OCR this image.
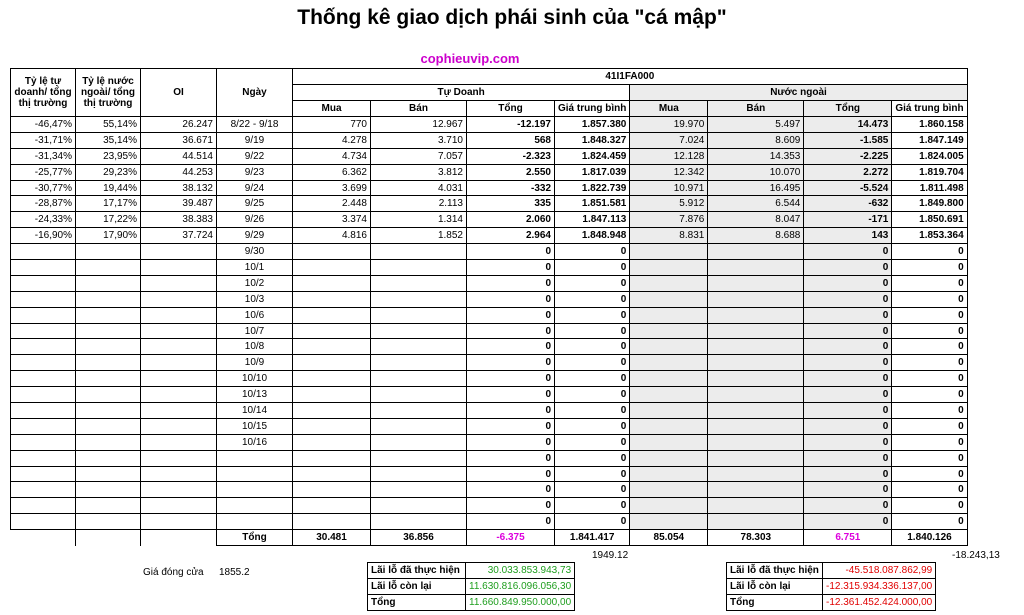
Thống kê giao dịch phái sinh của "cá mập"
cophieuvip.com
Tỷ lệ tự doanh/ tổng thị trường	Tỷ lệ nước ngoài/ tổng thị trường	OI	Ngày	41I1FA000							
				Tự Doanh				Nước ngoài			
				Mua	Bán	Tổng	Giá trung bình	Mua	Bán	Tổng	Giá trung bình
-46,47%	55,14%	26.247	8/22 - 9/18	770	12.967	-12.197	1.857.380	19.970	5.497	14.473	1.860.158
-31,71%	35,14%	36.671	9/19	4.278	3.710	568	1.848.327	7.024	8.609	-1.585	1.847.149
-31,34%	23,95%	44.514	9/22	4.734	7.057	-2.323	1.824.459	12.128	14.353	-2.225	1.824.005
-25,77%	29,23%	44.253	9/23	6.362	3.812	2.550	1.817.039	12.342	10.070	2.272	1.819.704
-30,77%	19,44%	38.132	9/24	3.699	4.031	-332	1.822.739	10.971	16.495	-5.524	1.811.498
-28,87%	17,17%	39.487	9/25	2.448	2.113	335	1.851.581	5.912	6.544	-632	1.849.800
-24,33%	17,22%	38.383	9/26	3.374	1.314	2.060	1.847.113	7.876	8.047	-171	1.850.691
-16,90%	17,90%	37.724	9/29	4.816	1.852	2.964	1.848.948	8.831	8.688	143	1.853.364
			9/30			0	0			0	0
			10/1			0	0			0	0
			10/2			0	0			0	0
			10/3			0	0			0	0
			10/6			0	0			0	0
			10/7			0	0			0	0
			10/8			0	0			0	0
			10/9			0	0			0	0
			10/10			0	0			0	0
			10/13			0	0			0	0
			10/14			0	0			0	0
			10/15			0	0			0	0
			10/16			0	0			0	0
						0	0			0	0
						0	0			0	0
						0	0			0	0
						0	0			0	0
						0	0			0	0
			Tổng	30.481	36.856	-6.375	1.841.417	85.054	78.303	6.751	1.840.126
1949.12	-18.243,13
Giá đóng cửa 1855.2	Lãi lỗ đã thực hiện	30.033.853.943,73
Lãi lỗ còn lại	11.630.816.096.056,30
Tổng	11.660.849.950.000,00
Lãi lỗ đã thực hiện	-45.518.087.862,99
Lãi lỗ còn lại	-12.315.934.336.137,00
Tổng	-12.361.452.424.000,00
